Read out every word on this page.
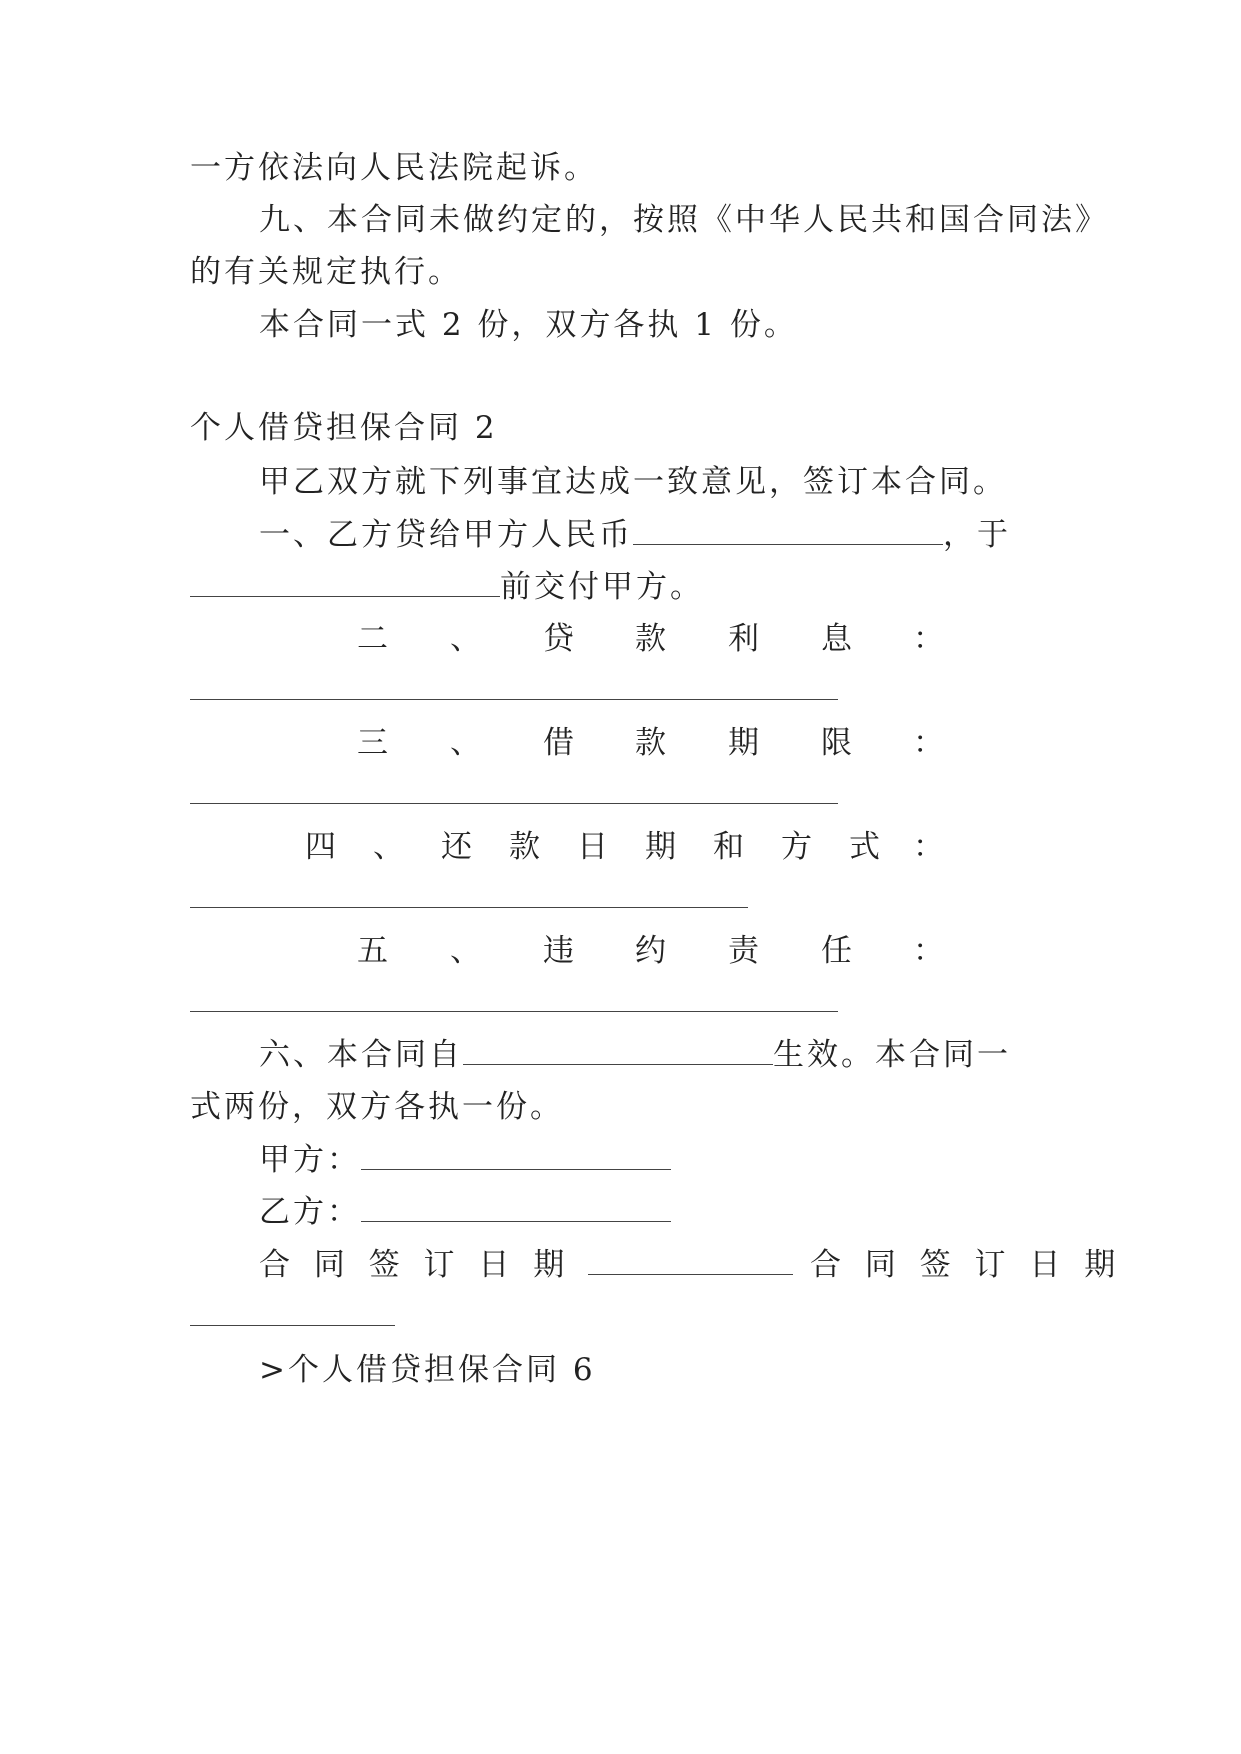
一方依法向人民法院起诉。
九、本合同未做约定的，按照《中华人民共和国合同法》
的有关规定执行。
本合同一式 2 份，双方各执 1 份。
个人借贷担保合同 2
甲乙双方就下列事宜达成一致意见，签订本合同。
一、乙方贷给甲方人民币	，于
前交付甲方。
二 、 贷 款 利 息 ：
三 、 借 款 期 限 ：
四 、 还 款 日 期 和 方 式 ：
五 、 违 约 责 任 ：
六、本合同自	生效。本合同一
式两份，双方各执一份。
甲方：
乙方：
合 同 签 订 日 期	合 同 签 订 日 期
>个人借贷担保合同 6
